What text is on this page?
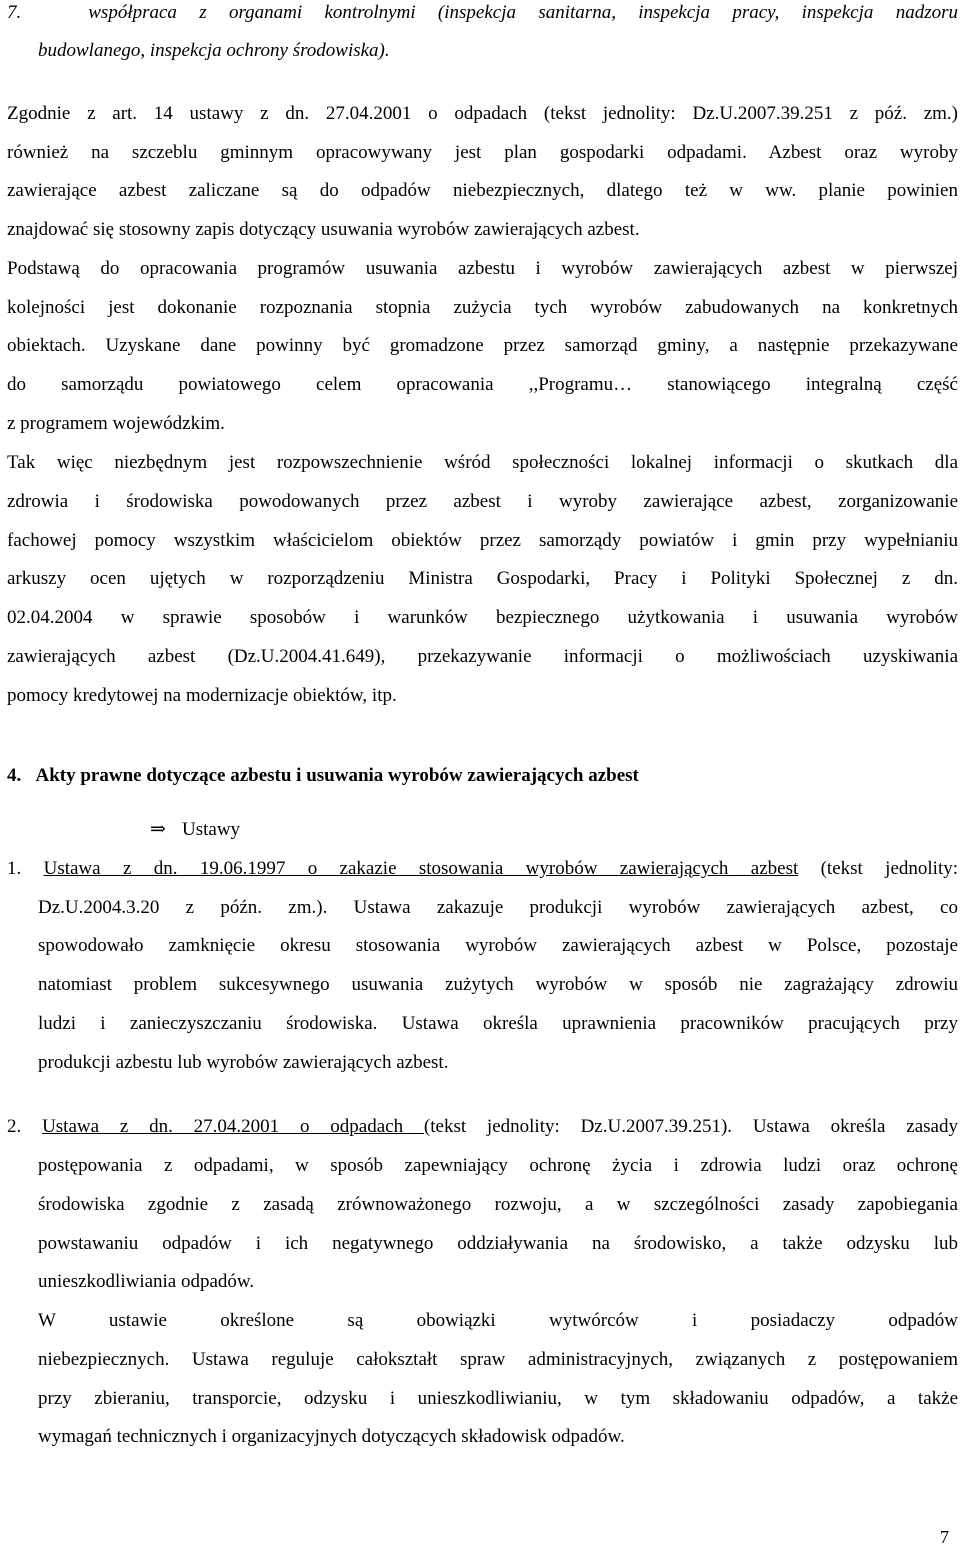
7.	współpraca z organami kontrolnymi (inspekcja sanitarna, inspekcja pracy, inspekcja nadzoru
budowlanego, inspekcja ochrony środowiska).
Zgodnie z art. 14 ustawy z dn. 27.04.2001 o odpadach (tekst jednolity: Dz.U.2007.39.251 z póź. zm.)
również na szczeblu gminnym opracowywany jest plan gospodarki odpadami. Azbest oraz wyroby
zawierające azbest zaliczane są do odpadów niebezpiecznych, dlatego też w ww. planie powinien
znajdować się stosowny zapis dotyczący usuwania wyrobów zawierających azbest.
Podstawą do opracowania programów usuwania azbestu i wyrobów zawierających azbest w pierwszej
kolejności jest dokonanie rozpoznania stopnia zużycia tych wyrobów zabudowanych na konkretnych
obiektach. Uzyskane dane powinny być gromadzone przez samorząd gminy, a następnie przekazywane
do samorządu powiatowego celem opracowania ,,Programu… stanowiącego integralną część
z programem wojewódzkim.
Tak więc niezbędnym jest rozpowszechnienie wśród społeczności lokalnej informacji o skutkach dla
zdrowia i środowiska powodowanych przez azbest i wyroby zawierające azbest, zorganizowanie
fachowej pomocy wszystkim właścicielom obiektów przez samorządy powiatów i gmin przy wypełnianiu
arkuszy ocen ujętych w rozporządzeniu Ministra Gospodarki, Pracy i Polityki Społecznej z dn.
02.04.2004 w sprawie sposobów i warunków bezpiecznego użytkowania i usuwania wyrobów
zawierających azbest (Dz.U.2004.41.649), przekazywanie informacji o możliwościach uzyskiwania
pomocy kredytowej na modernizacje obiektów, itp.
4. Akty prawne dotyczące azbestu i usuwania wyrobów zawierających azbest
⇒ Ustawy
1. Ustawa z dn. 19.06.1997 o zakazie stosowania wyrobów zawierających azbest (tekst jednolity:
Dz.U.2004.3.20 z późn. zm.). Ustawa zakazuje produkcji wyrobów zawierających azbest, co
spowodowało zamknięcie okresu stosowania wyrobów zawierających azbest w Polsce, pozostaje
natomiast problem sukcesywnego usuwania zużytych wyrobów w sposób nie zagrażający zdrowiu
ludzi i zanieczyszczaniu środowiska. Ustawa określa uprawnienia pracowników pracujących przy
produkcji azbestu lub wyrobów zawierających azbest.
2. Ustawa z dn. 27.04.2001 o odpadach (tekst jednolity: Dz.U.2007.39.251). Ustawa określa zasady
postępowania z odpadami, w sposób zapewniający ochronę życia i zdrowia ludzi oraz ochronę
środowiska zgodnie z zasadą zrównoważonego rozwoju, a w szczególności zasady zapobiegania
powstawaniu odpadów i ich negatywnego oddziaływania na środowisko, a także odzysku lub
unieszkodliwiania odpadów.
W ustawie określone są obowiązki wytwórców i posiadaczy odpadów
niebezpiecznych. Ustawa reguluje całokształt spraw administracyjnych, związanych z postępowaniem
przy zbieraniu, transporcie, odzysku i unieszkodliwianiu, w tym składowaniu odpadów, a także
wymagań technicznych i organizacyjnych dotyczących składowisk odpadów.
7
